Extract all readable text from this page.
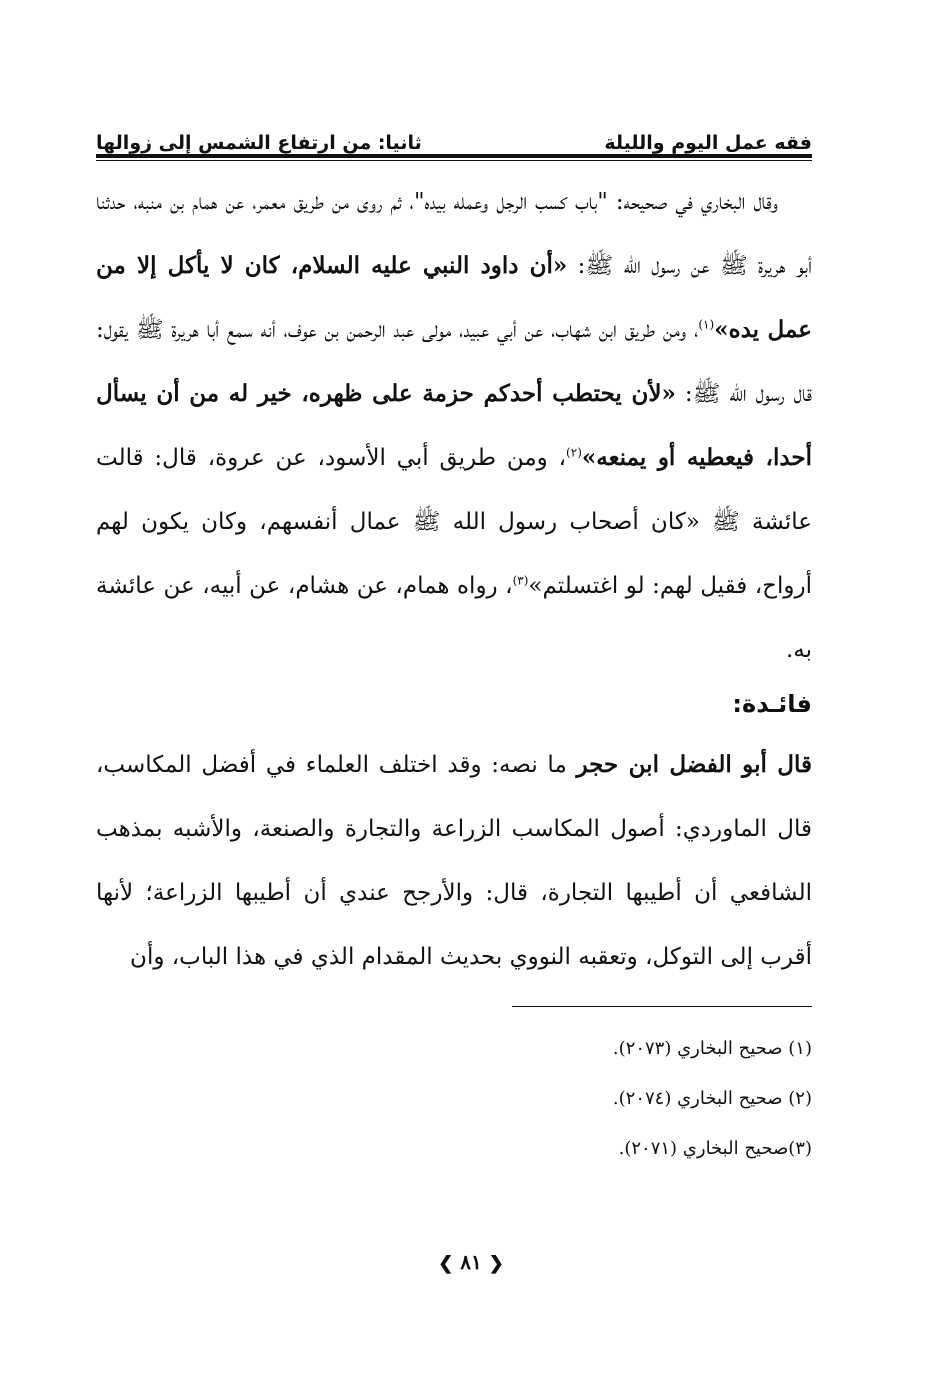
فقه عمل اليوم والليلة
ثانيا: من ارتفاع الشمس إلى زوالها

وقال البخاري في صحيحه: "باب كسب الرجل وعمله بيده"، ثم روى من طريق معمر، عن همام بن منبه، حدثنا أبو هريرة ﷺ عن رسول الله ﷺ: «أن داود النبي عليه السلام، كان لا يأكل إلا من عمل يده»$^{(١)}$، ومن طريق ابن شهاب، عن أبي عبيد، مولى عبد الرحمن بن عوف، أنه سمع أبا هريرة ﷺ يقول: قال رسول الله ﷺ: «لأن يحتطب أحدكم حزمة على ظهره، خير له من أن يسأل أحدا، فيعطيه أو يمنعه»$^{(٢)}$، ومن طريق أبي الأسود، عن عروة، قال: قالت عائشة ﷺ «كان أصحاب رسول الله ﷺ عمال أنفسهم، وكان يكون لهم أرواح، فقيل لهم: لو اغتسلتم»$^{(٣)}$، رواه همام، عن هشام، عن أبيه، عن عائشة به.

فائـدة:

قال أبو الفضل ابن حجر ما نصه: وقد اختلف العلماء في أفضل المكاسب، قال الماوردي: أصول المكاسب الزراعة والتجارة والصنعة، والأشبه بمذهب الشافعي أن أطيبها التجارة، قال: والأرجح عندي أن أطيبها الزراعة؛ لأنها أقرب إلى التوكل، وتعقبه النووي بحديث المقدام الذي في هذا الباب، وأن

(١) صحيح البخاري (٢٠٧٣).
(٢) صحيح البخاري (٢٠٧٤).
(٣)صحيح البخاري (٢٠٧١).
❮ ٨١ ❯
